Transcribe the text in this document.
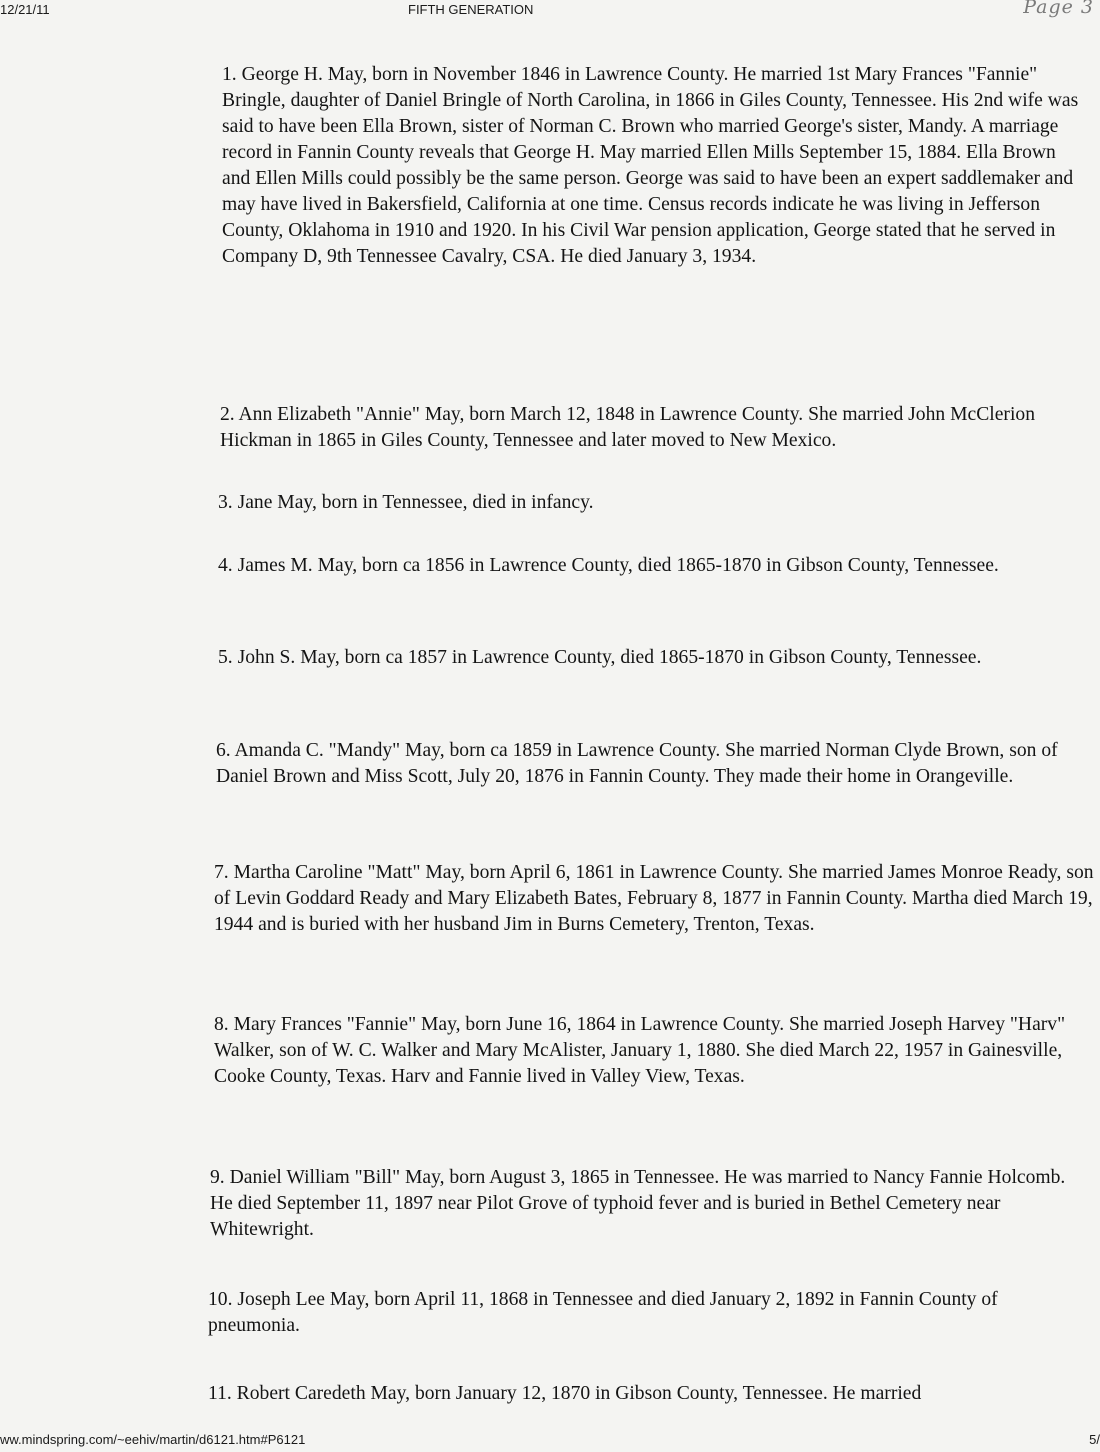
12/21/11	FIFTH GENERATION	Page 3

1. George H. May, born in November 1846 in Lawrence County. He married 1st Mary Frances "Fannie" Bringle, daughter of Daniel Bringle of North Carolina, in 1866 in Giles County, Tennessee. His 2nd wife was said to have been Ella Brown, sister of Norman C. Brown who married George's sister, Mandy. A marriage record in Fannin County reveals that George H. May married Ellen Mills September 15, 1884. Ella Brown and Ellen Mills could possibly be the same person. George was said to have been an expert saddlemaker and may have lived in Bakersfield, California at one time. Census records indicate he was living in Jefferson County, Oklahoma in 1910 and 1920. In his Civil War pension application, George stated that he served in Company D, 9th Tennessee Cavalry, CSA. He died January 3, 1934.

2. Ann Elizabeth "Annie" May, born March 12, 1848 in Lawrence County. She married John McClerion Hickman in 1865 in Giles County, Tennessee and later moved to New Mexico.

3. Jane May, born in Tennessee, died in infancy.

4. James M. May, born ca 1856 in Lawrence County, died 1865-1870 in Gibson County, Tennessee.

5. John S. May, born ca 1857 in Lawrence County, died 1865-1870 in Gibson County, Tennessee.

6. Amanda C. "Mandy" May, born ca 1859 in Lawrence County. She married Norman Clyde Brown, son of Daniel Brown and Miss Scott, July 20, 1876 in Fannin County. They made their home in Orangeville.

7. Martha Caroline "Matt" May, born April 6, 1861 in Lawrence County. She married James Monroe Ready, son of Levin Goddard Ready and Mary Elizabeth Bates, February 8, 1877 in Fannin County. Martha died March 19, 1944 and is buried with her husband Jim in Burns Cemetery, Trenton, Texas.

8. Mary Frances "Fannie" May, born June 16, 1864 in Lawrence County. She married Joseph Harvey "Harv" Walker, son of W. C. Walker and Mary McAlister, January 1, 1880. She died March 22, 1957 in Gainesville, Cooke County, Texas. Harv and Fannie lived in Valley View, Texas.

9. Daniel William "Bill" May, born August 3, 1865 in Tennessee. He was married to Nancy Fannie Holcomb. He died September 11, 1897 near Pilot Grove of typhoid fever and is buried in Bethel Cemetery near Whitewright.

10. Joseph Lee May, born April 11, 1868 in Tennessee and died January 2, 1892 in Fannin County of pneumonia.

11. Robert Caredeth May, born January 12, 1870 in Gibson County, Tennessee. He married

ww.mindspring.com/~eehiv/martin/d6121.htm#P6121	5/
